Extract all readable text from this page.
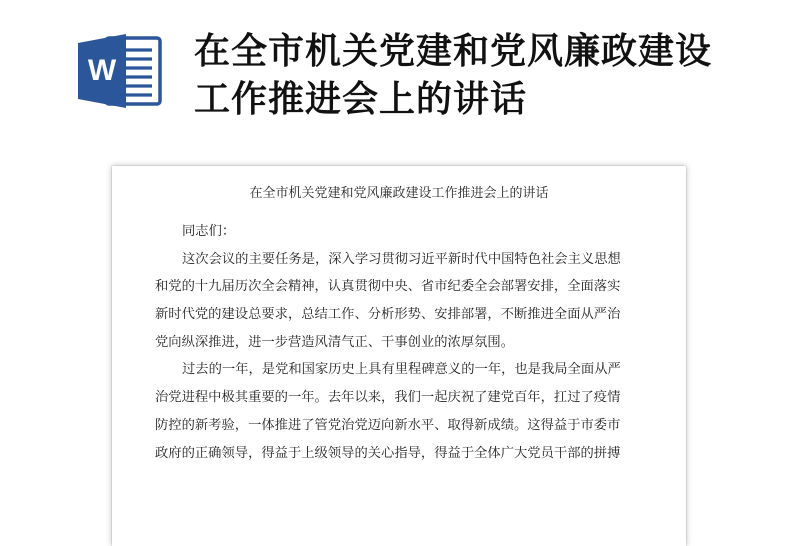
W 在全市机关党建和党风廉政建设
工作推进会上的讲话
在全市机关党建和党风廉政建设工作推进会上的讲话
同志们：
这次会议的主要任务是，深入学习贯彻习近平新时代中国特色社会主义思想
和党的十九届历次全会精神，认真贯彻中央、省市纪委全会部署安排，全面落实
新时代党的建设总要求，总结工作、分析形势、安排部署，不断推进全面从严治
党向纵深推进，进一步营造风清气正、干事创业的浓厚氛围。
过去的一年，是党和国家历史上具有里程碑意义的一年，也是我局全面从严
治党进程中极其重要的一年。去年以来，我们一起庆祝了建党百年，扛过了疫情
防控的新考验，一体推进了管党治党迈向新水平、取得新成绩。这得益于市委市
政府的正确领导，得益于上级领导的关心指导，得益于全体广大党员干部的拼搏
